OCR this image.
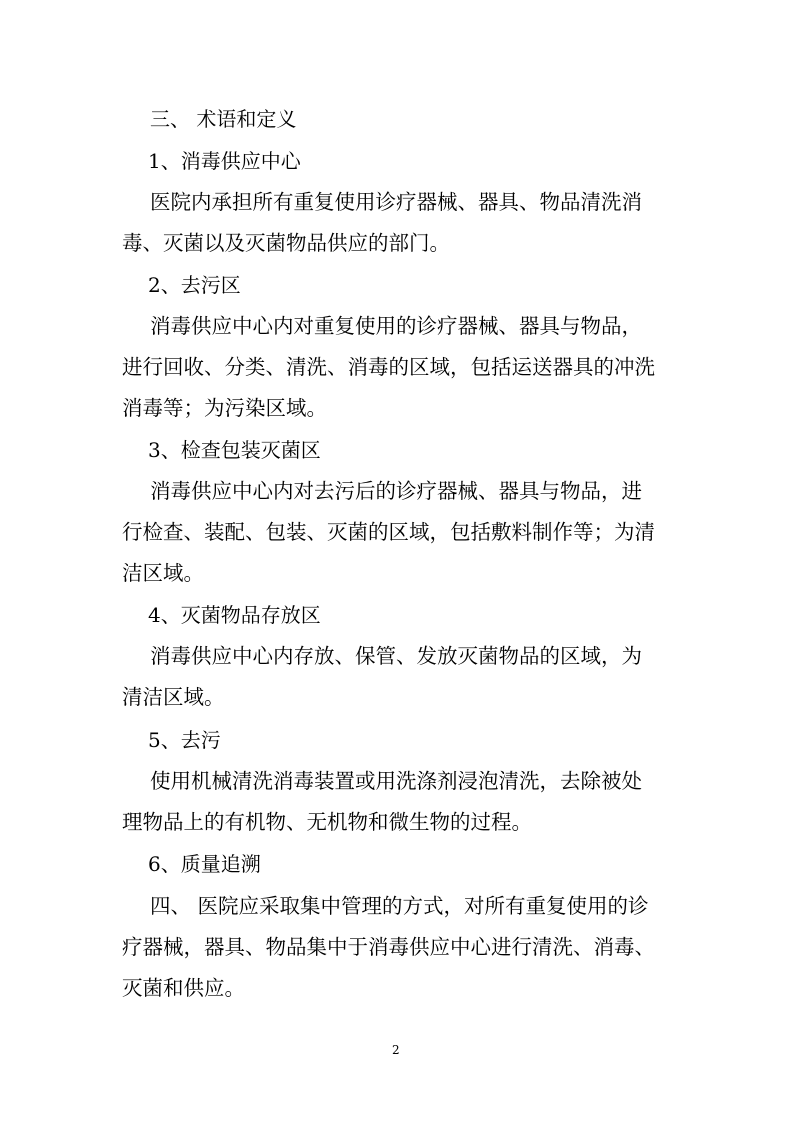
三、 术语和定义
1、消毒供应中心
医院内承担所有重复使用诊疗器械、器具、物品清洗消
毒、灭菌以及灭菌物品供应的部门。
2、去污区
消毒供应中心内对重复使用的诊疗器械、器具与物品，
进行回收、分类、清洗、消毒的区域，包括运送器具的冲洗
消毒等；为污染区域。
3、检查包装灭菌区
消毒供应中心内对去污后的诊疗器械、器具与物品，进
行检查、装配、包装、灭菌的区域，包括敷料制作等；为清
洁区域。
4、灭菌物品存放区
消毒供应中心内存放、保管、发放灭菌物品的区域，为
清洁区域。
5、去污
使用机械清洗消毒装置或用洗涤剂浸泡清洗，去除被处
理物品上的有机物、无机物和微生物的过程。
6、质量追溯
四、 医院应采取集中管理的方式，对所有重复使用的诊
疗器械，器具、物品集中于消毒供应中心进行清洗、消毒、
灭菌和供应。
2
